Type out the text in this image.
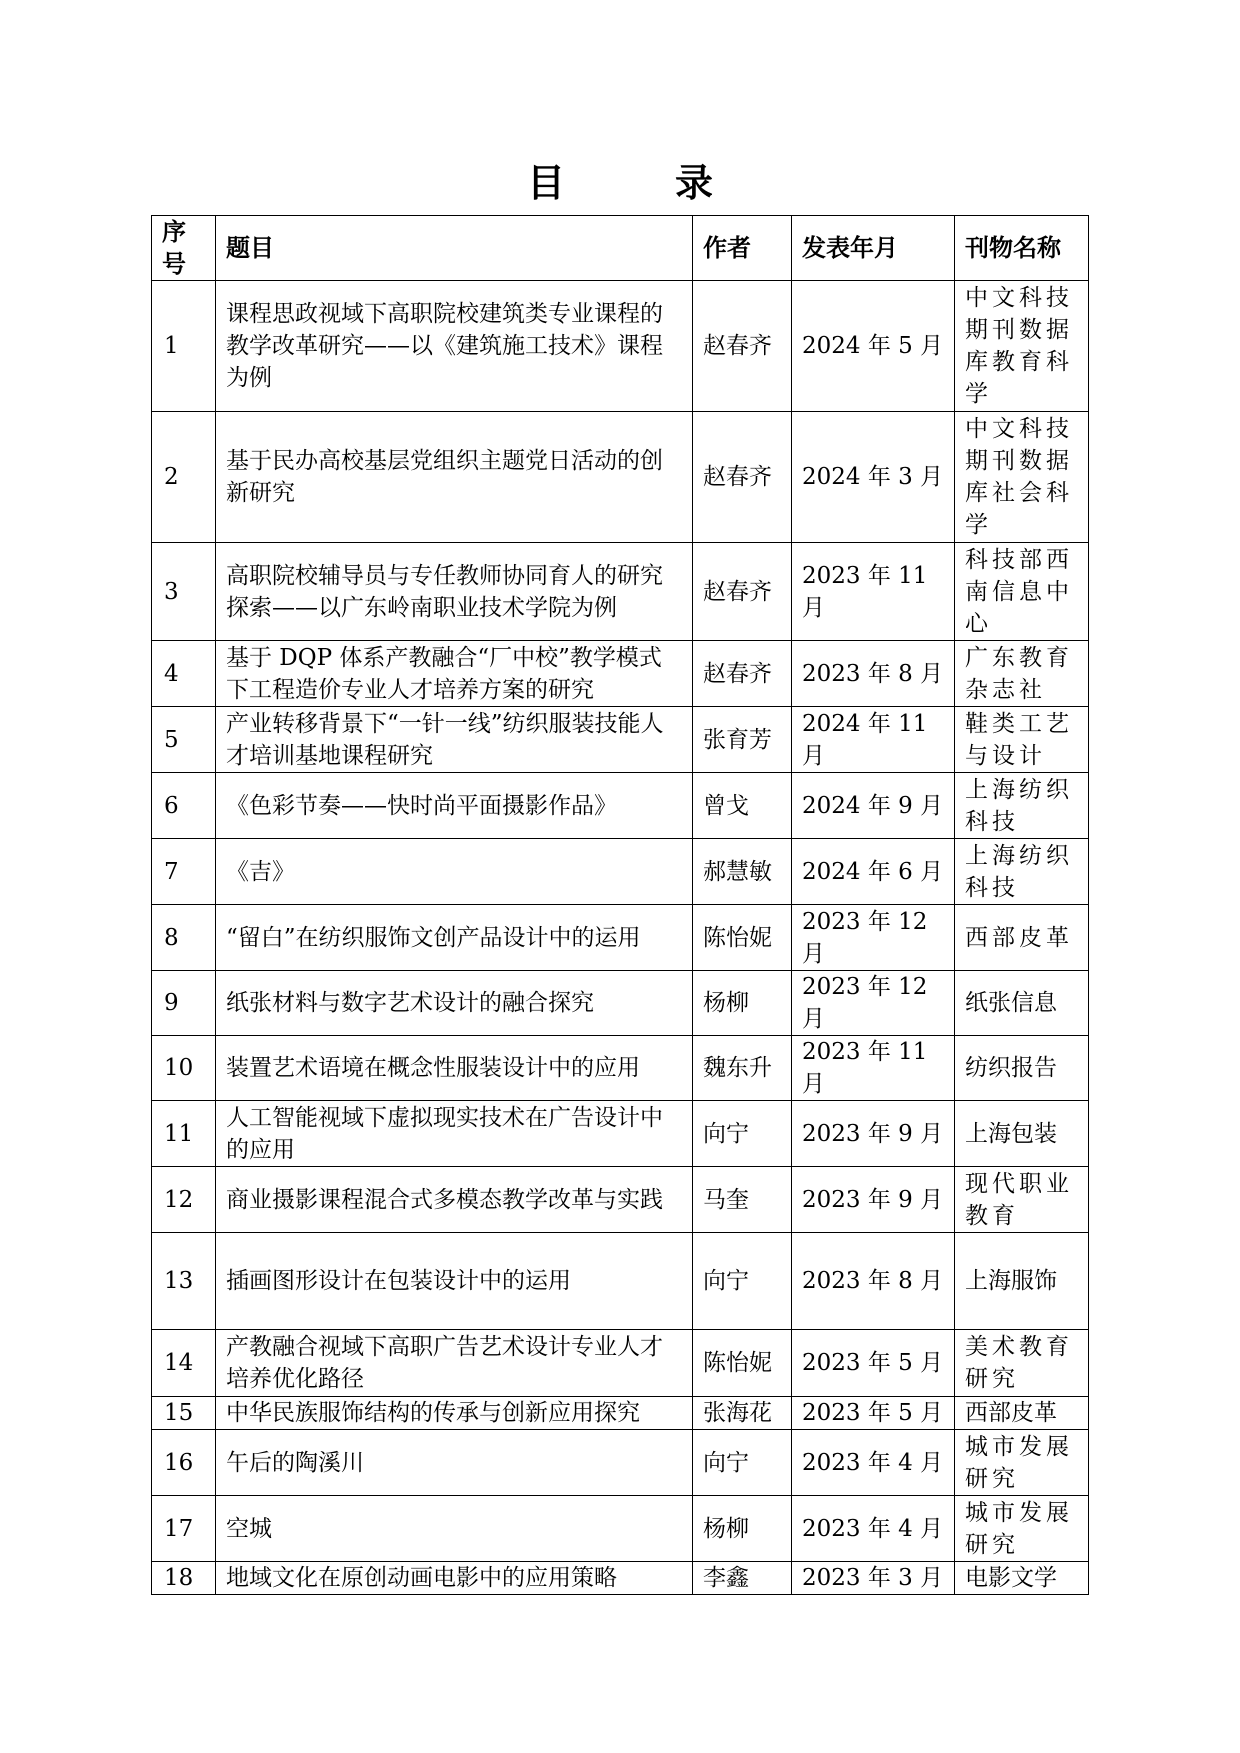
目　录
序号	题目	作者	发表年月	刊物名称
1	课程思政视域下高职院校建筑类专业课程的教学改革研究——以《建筑施工技术》课程为例	赵春齐	2024 年 5 月	中文科技期刊数据库教育科学
2	基于民办高校基层党组织主题党日活动的创新研究	赵春齐	2024 年 3 月	中文科技期刊数据库社会科学
3	高职院校辅导员与专任教师协同育人的研究探索——以广东岭南职业技术学院为例	赵春齐	2023 年 11 月	科技部西南信息中心
4	基于 DQP 体系产教融合“厂中校”教学模式下工程造价专业人才培养方案的研究	赵春齐	2023 年 8 月	广东教育杂志社
5	产业转移背景下“一针一线”纺织服装技能人才培训基地课程研究	张育芳	2024 年 11 月	鞋类工艺与设计
6	《色彩节奏——快时尚平面摄影作品》	曾戈	2024 年 9 月	上海纺织科技
7	《吉》	郝慧敏	2024 年 6 月	上海纺织科技
8	“留白”在纺织服饰文创产品设计中的运用	陈怡妮	2023 年 12 月	西部皮革
9	纸张材料与数字艺术设计的融合探究	杨柳	2023 年 12 月	纸张信息
10	装置艺术语境在概念性服装设计中的应用	魏东升	2023 年 11 月	纺织报告
11	人工智能视域下虚拟现实技术在广告设计中的应用	向宁	2023 年 9 月	上海包装
12	商业摄影课程混合式多模态教学改革与实践	马奎	2023 年 9 月	现代职业教育
13	插画图形设计在包装设计中的运用	向宁	2023 年 8 月	上海服饰
14	产教融合视域下高职广告艺术设计专业人才培养优化路径	陈怡妮	2023 年 5 月	美术教育研究
15	中华民族服饰结构的传承与创新应用探究	张海花	2023 年 5 月	西部皮革
16	午后的陶溪川	向宁	2023 年 4 月	城市发展研究
17	空城	杨柳	2023 年 4 月	城市发展研究
18	地域文化在原创动画电影中的应用策略	李鑫	2023 年 3 月	电影文学
